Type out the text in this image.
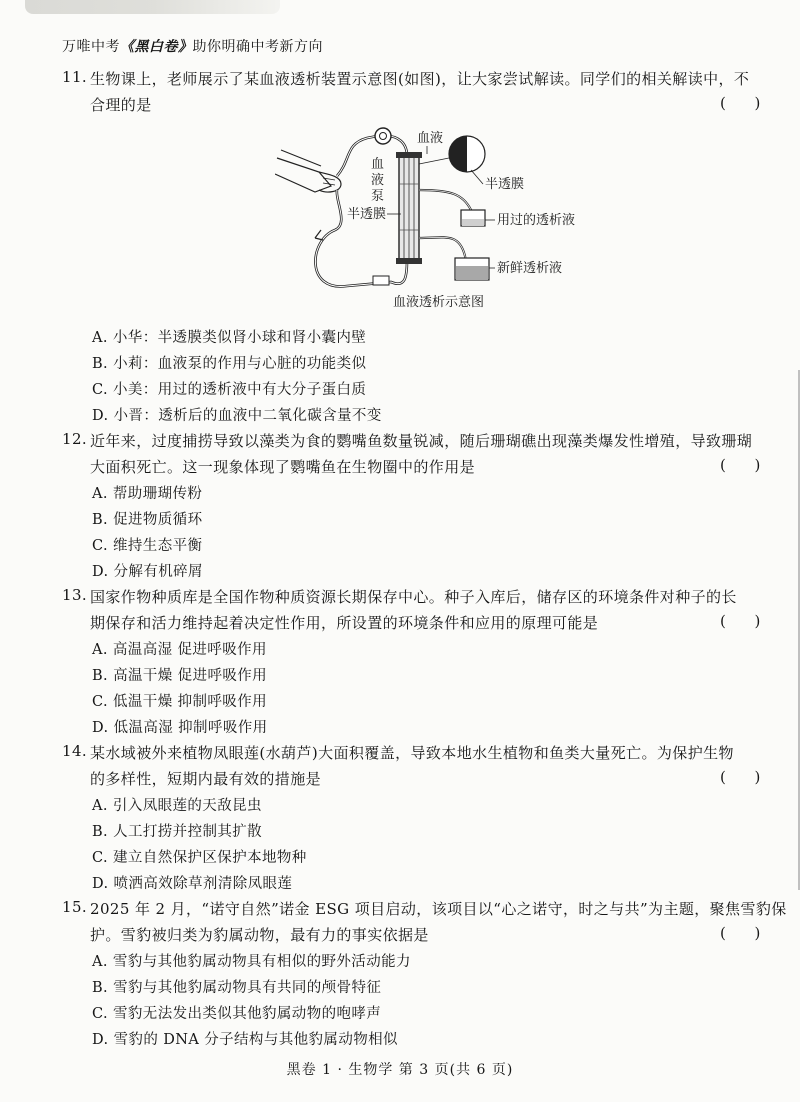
万唯中考《黑白卷》助你明确中考新方向
11. 生物课上，老师展示了某血液透析装置示意图(如图)，让大家尝试解读。同学们的相关解读中，不
合理的是	(      )
血
液
泵
血液
半透膜
半透膜	用过的透析液
新鲜透析液
血液透析示意图
A. 小华：半透膜类似肾小球和肾小囊内壁
B. 小莉：血液泵的作用与心脏的功能类似
C. 小美：用过的透析液中有大分子蛋白质
D. 小晋：透析后的血液中二氧化碳含量不变
12. 近年来，过度捕捞导致以藻类为食的鹦嘴鱼数量锐减，随后珊瑚礁出现藻类爆发性增殖，导致珊瑚
大面积死亡。这一现象体现了鹦嘴鱼在生物圈中的作用是	(      )
A. 帮助珊瑚传粉
B. 促进物质循环
C. 维持生态平衡
D. 分解有机碎屑
13. 国家作物种质库是全国作物种质资源长期保存中心。种子入库后，储存区的环境条件对种子的长
期保存和活力维持起着决定性作用，所设置的环境条件和应用的原理可能是	(      )
A. 高温高湿 促进呼吸作用
B. 高温干燥 促进呼吸作用
C. 低温干燥 抑制呼吸作用
D. 低温高湿 抑制呼吸作用
14. 某水域被外来植物凤眼莲(水葫芦)大面积覆盖，导致本地水生植物和鱼类大量死亡。为保护生物
的多样性，短期内最有效的措施是	(      )
A. 引入凤眼莲的天敌昆虫
B. 人工打捞并控制其扩散
C. 建立自然保护区保护本地物种
D. 喷洒高效除草剂清除凤眼莲
15. 2025 年 2 月，“诺守自然”诺金 ESG 项目启动，该项目以“心之诺守，时之与共”为主题，聚焦雪豹保
护。雪豹被归类为豹属动物，最有力的事实依据是	(      )
A. 雪豹与其他豹属动物具有相似的野外活动能力
B. 雪豹与其他豹属动物具有共同的颅骨特征
C. 雪豹无法发出类似其他豹属动物的咆哮声
D. 雪豹的 DNA 分子结构与其他豹属动物相似
黑卷 1 · 生物学 第 3 页(共 6 页)
